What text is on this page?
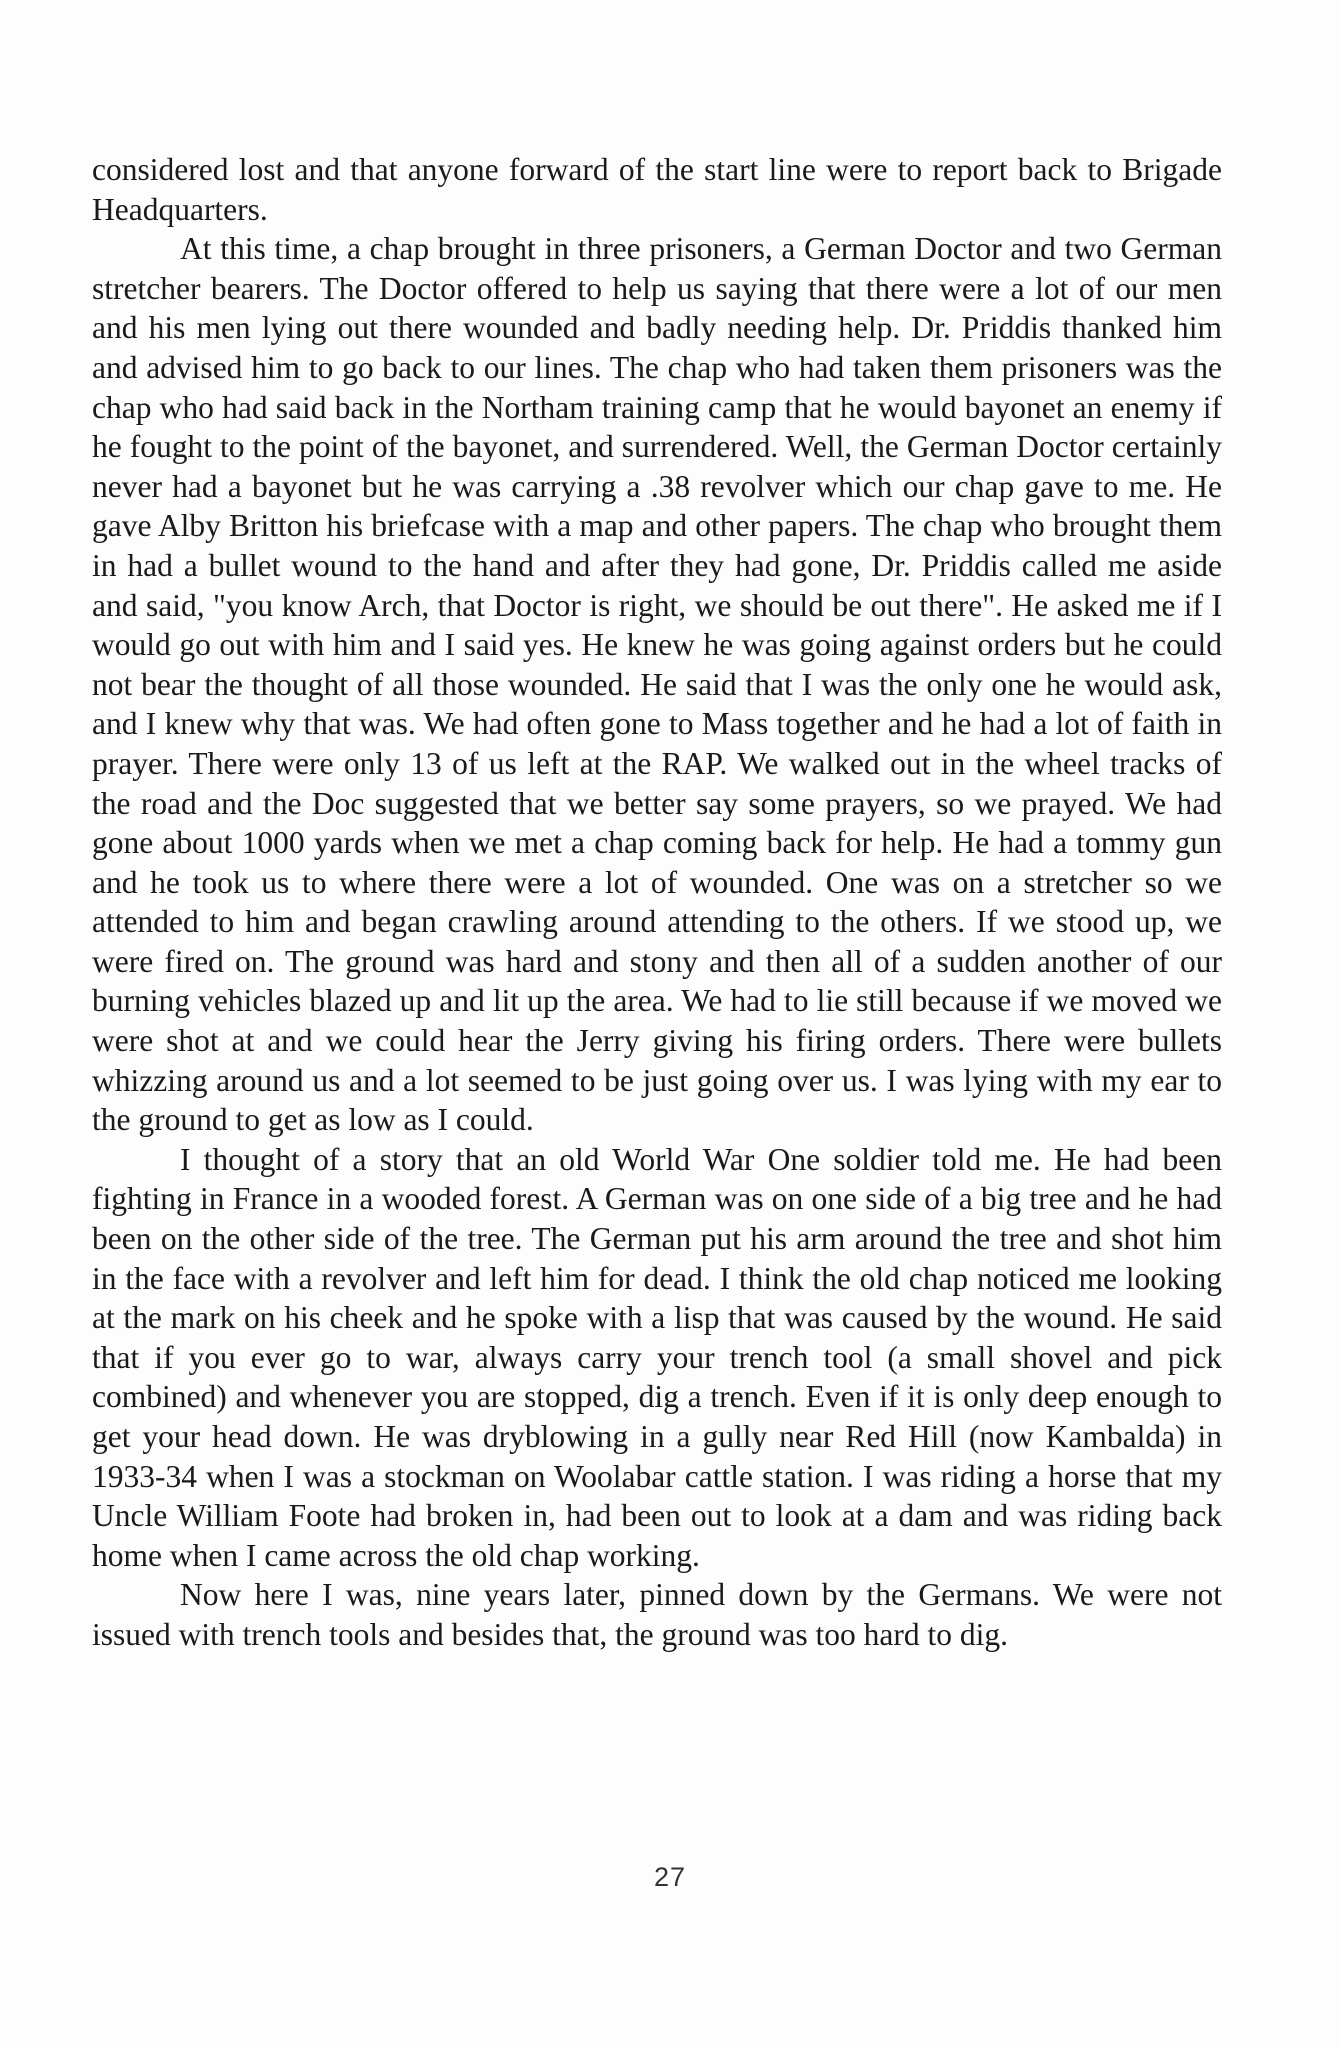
considered lost and that anyone forward of the start line were to report back to Brigade Headquarters.

At this time, a chap brought in three prisoners, a German Doctor and two German stretcher bearers. The Doctor offered to help us saying that there were a lot of our men and his men lying out there wounded and badly needing help. Dr. Priddis thanked him and advised him to go back to our lines. The chap who had taken them prisoners was the chap who had said back in the Northam training camp that he would bayonet an enemy if he fought to the point of the bayonet, and surrendered. Well, the German Doctor certainly never had a bayonet but he was carrying a .38 revolver which our chap gave to me. He gave Alby Britton his briefcase with a map and other papers. The chap who brought them in had a bullet wound to the hand and after they had gone, Dr. Priddis called me aside and said, "you know Arch, that Doctor is right, we should be out there". He asked me if I would go out with him and I said yes. He knew he was going against orders but he could not bear the thought of all those wounded. He said that I was the only one he would ask, and I knew why that was. We had often gone to Mass together and he had a lot of faith in prayer. There were only 13 of us left at the RAP. We walked out in the wheel tracks of the road and the Doc suggested that we better say some prayers, so we prayed. We had gone about 1000 yards when we met a chap coming back for help. He had a tommy gun and he took us to where there were a lot of wounded. One was on a stretcher so we attended to him and began crawling around attending to the others. If we stood up, we were fired on. The ground was hard and stony and then all of a sudden another of our burning vehicles blazed up and lit up the area. We had to lie still because if we moved we were shot at and we could hear the Jerry giving his firing orders. There were bullets whizzing around us and a lot seemed to be just going over us. I was lying with my ear to the ground to get as low as I could.

I thought of a story that an old World War One soldier told me. He had been fighting in France in a wooded forest. A German was on one side of a big tree and he had been on the other side of the tree. The German put his arm around the tree and shot him in the face with a revolver and left him for dead. I think the old chap noticed me looking at the mark on his cheek and he spoke with a lisp that was caused by the wound. He said that if you ever go to war, always carry your trench tool (a small shovel and pick combined) and whenever you are stopped, dig a trench. Even if it is only deep enough to get your head down. He was dryblowing in a gully near Red Hill (now Kambalda) in 1933-34 when I was a stockman on Woolabar cattle station. I was riding a horse that my Uncle William Foote had broken in, had been out to look at a dam and was riding back home when I came across the old chap working.

Now here I was, nine years later, pinned down by the Germans. We were not issued with trench tools and besides that, the ground was too hard to dig.

27
